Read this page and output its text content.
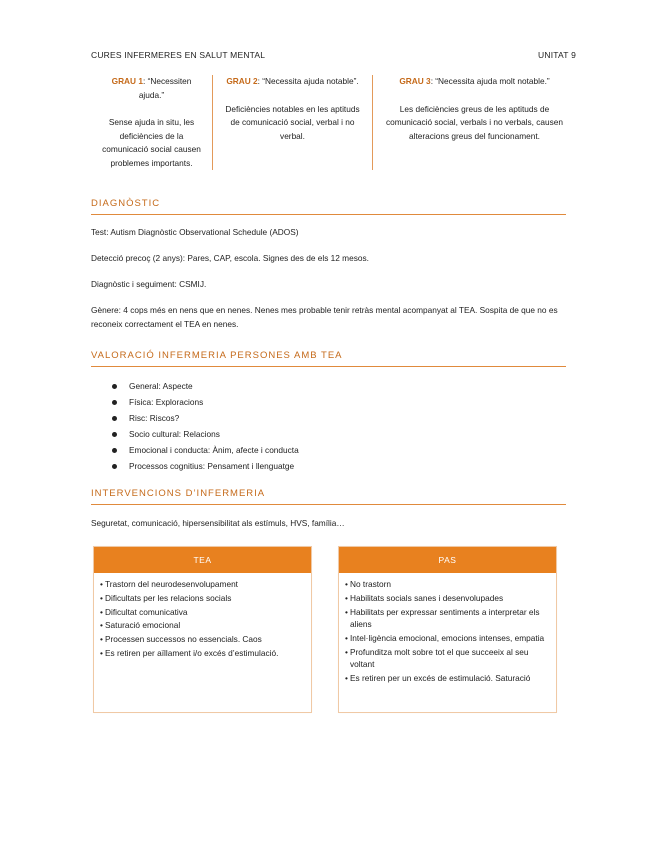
CURES INFERMERES EN SALUT MENTAL	UNITAT 9
GRAU 1: “Necessiten ajuda.”
Sense ajuda in situ, les deficiències de la comunicació social causen problemes importants.
GRAU 2: “Necessita ajuda notable”.
Deficiències notables en les aptituds de comunicació social, verbal i no verbal.
GRAU 3: “Necessita ajuda molt notable.”
Les deficiències greus de les aptituds de comunicació social, verbals i no verbals, causen alteracions greus del funcionament.
DIAGNÒSTIC
Test: Autism Diagnòstic Observational Schedule (ADOS)
Detecció precoç (2 anys): Pares, CAP, escola. Signes des de els 12 mesos.
Diagnòstic i seguiment: CSMIJ.
Gènere: 4 cops més en nens que en nenes. Nenes mes probable tenir retràs mental acompanyat al TEA. Sospita de que no es reconeix correctament el TEA en nenes.
VALORACIÓ INFERMERIA PERSONES AMB TEA
General: Aspecte
Física: Exploracions
Risc: Riscos?
Socio cultural: Relacions
Emocional i conducta: Ànim, afecte i conducta
Processos cognitius: Pensament i llenguatge
INTERVENCIONS D’INFERMERIA
Seguretat, comunicació, hipersensibilitat als estímuls, HVS, família…
TEA
• Trastorn del neurodesenvolupament
• Dificultats per les relacions socials
• Dificultat comunicativa
• Saturació emocional
• Processen successos no essencials. Caos
• Es retiren per aïllament i/o excés d’estimulació.
PAS
• No trastorn
• Habilitats socials sanes i desenvolupades
• Habilitats per expressar sentiments a interpretar els aliens
• Intel·ligència emocional, emocions intenses, empatia
• Profunditza molt sobre tot el que succeeix al seu voltant
• Es retiren per un excés de estimulació. Saturació
